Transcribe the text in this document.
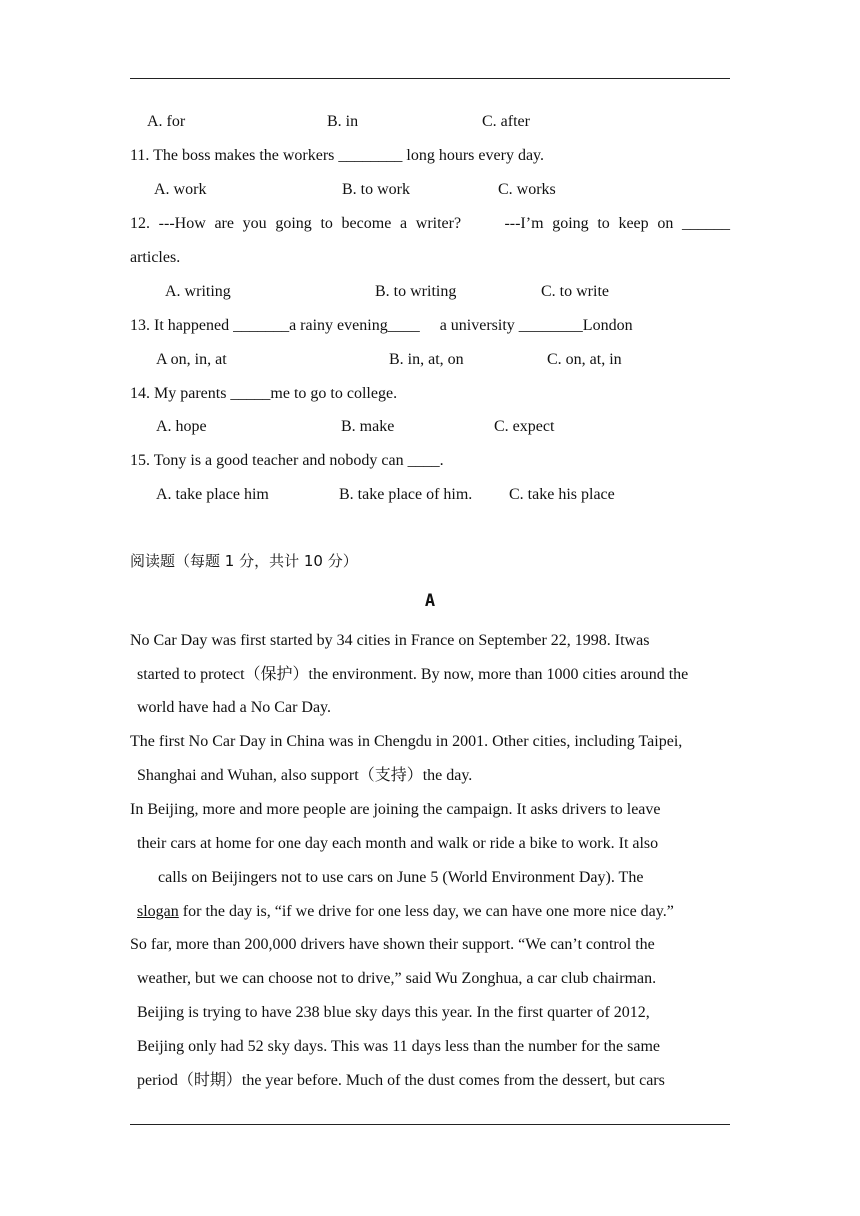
A. for	B. in	C. after
11. The boss makes the workers ________ long hours every day.
A. work	B. to work	C. works
12. ---How are you going to become a writer?     ---I’m going to keep on ______
articles.
A. writing	B. to writing	C. to write
13. It happened _______a rainy evening____     a university ________London
A on, in, at	B. in, at, on	C. on, at, in
14. My parents _____me to go to college.
A. hope	B. make	C. expect
15. Tony is a good teacher and nobody can ____.
A. take place him	B. take place of him. C. take his place
阅读题（每题 1 分，共计 10 分）
A
No Car Day was first started by 34 cities in France on September 22, 1998. Itwas
started to protect（保护）the environment. By now, more than 1000 cities around the
world have had a No Car Day.
The first No Car Day in China was in Chengdu in 2001. Other cities, including Taipei,
Shanghai and Wuhan, also support（支持）the day.
In Beijing, more and more people are joining the campaign. It asks drivers to leave
their cars at home for one day each month and walk or ride a bike to work. It also
calls on Beijingers not to use cars on June 5 (World Environment Day). The
slogan for the day is, “if we drive for one less day, we can have one more nice day.”
So far, more than 200,000 drivers have shown their support. “We can’t control the
weather, but we can choose not to drive,” said Wu Zonghua, a car club chairman.
Beijing is trying to have 238 blue sky days this year. In the first quarter of 2012,
Beijing only had 52 sky days. This was 11 days less than the number for the same
period（时期）the year before. Much of the dust comes from the dessert, but cars
